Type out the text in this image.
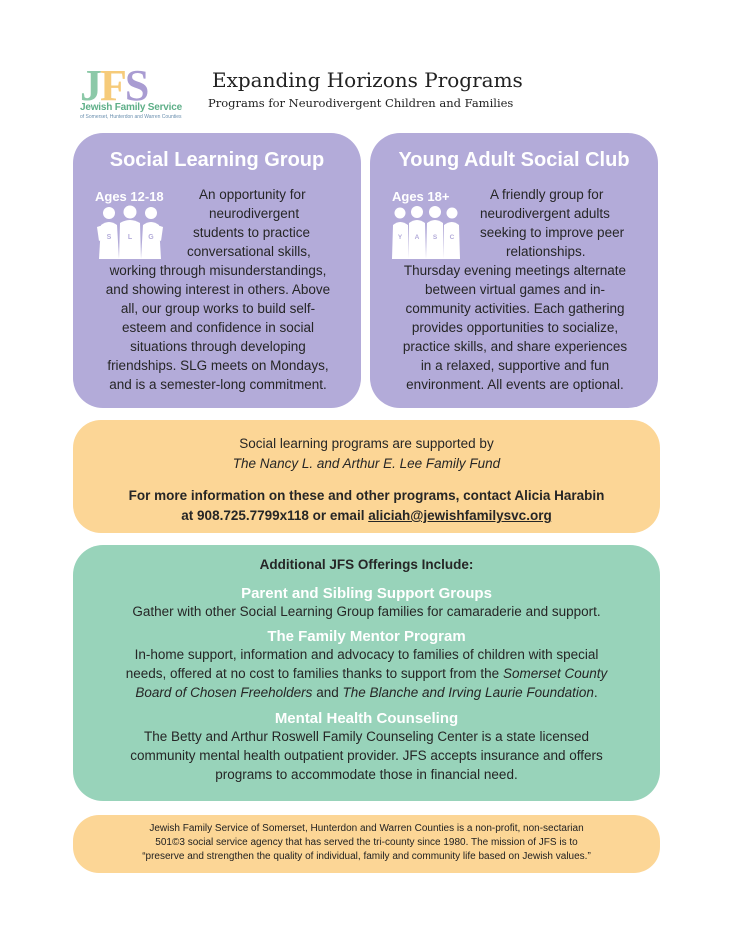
JFS
Jewish Family Service
of Somerset, Hunterdon and Warren Counties
Expanding Horizons Programs
Programs for Neurodivergent Children and Families
Social Learning Group
Ages 12-18
S L G
An opportunity for
neurodivergent
students to practice
conversational skills,
working through misunderstandings,
and showing interest in others. Above
all, our group works to build self-
esteem and confidence in social
situations through developing
friendships. SLG meets on Mondays,
and is a semester-long commitment.
Young Adult Social Club
Ages 18+
Y A S C
A friendly group for
neurodivergent adults
seeking to improve peer
relationships.
Thursday evening meetings alternate
between virtual games and in-
community activities. Each gathering
provides opportunities to socialize,
practice skills, and share experiences
in a relaxed, supportive and fun
environment. All events are optional.
Social learning programs are supported by
The Nancy L. and Arthur E. Lee Family Fund
For more information on these and other programs, contact Alicia Harabin
at 908.725.7799x118 or email aliciah@jewishfamilysvc.org
Additional JFS Offerings Include:
Parent and Sibling Support Groups
Gather with other Social Learning Group families for camaraderie and support.
The Family Mentor Program
In-home support, information and advocacy to families of children with special
needs, offered at no cost to families thanks to support from the Somerset County
Board of Chosen Freeholders and The Blanche and Irving Laurie Foundation.
Mental Health Counseling
The Betty and Arthur Roswell Family Counseling Center is a state licensed
community mental health outpatient provider. JFS accepts insurance and offers
programs to accommodate those in financial need.
Jewish Family Service of Somerset, Hunterdon and Warren Counties is a non-profit, non-sectarian
501©3 social service agency that has served the tri-county since 1980. The mission of JFS is to
“preserve and strengthen the quality of individual, family and community life based on Jewish values.”
